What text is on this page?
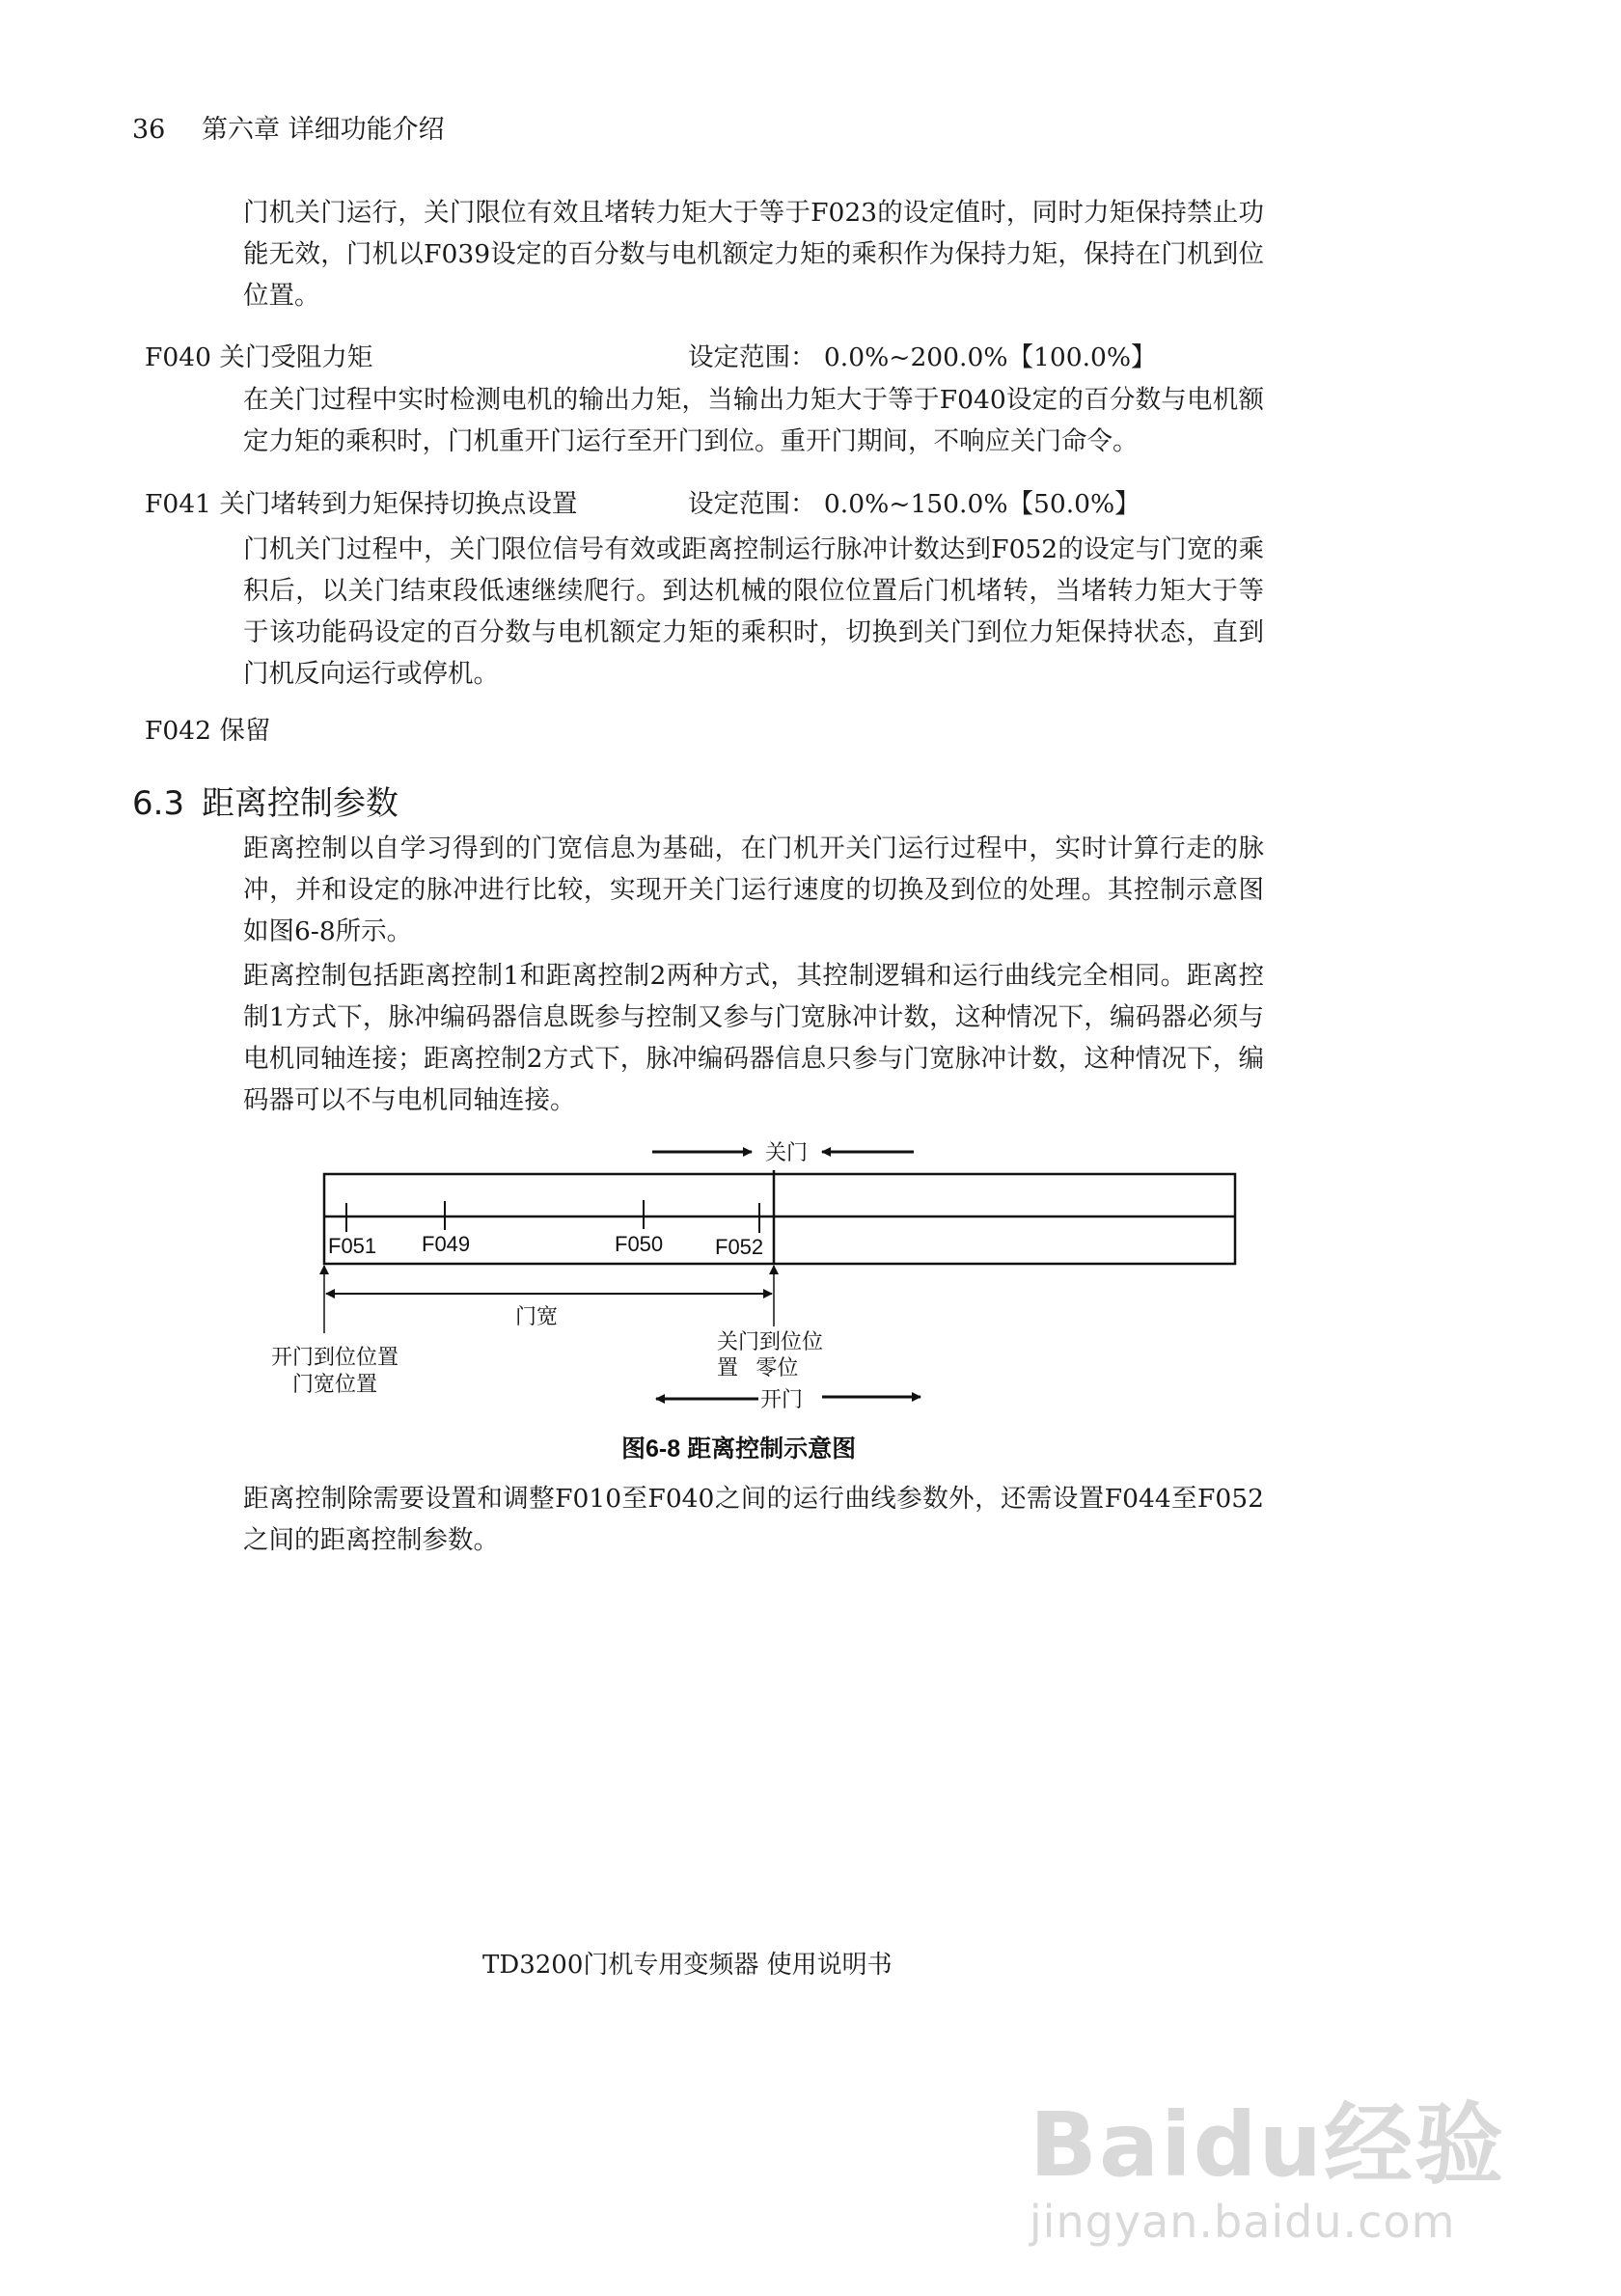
36 第六章 详细功能介绍

门机关门运行，关门限位有效且堵转力矩大于等于F023的设定值时，同时力矩保持禁止功能无效，门机以F039设定的百分数与电机额定力矩的乘积作为保持力矩，保持在门机到位位置。

F040 关门受阻力矩	设定范围： 0.0%~200.0%【100.0%】

在关门过程中实时检测电机的输出力矩，当输出力矩大于等于F040设定的百分数与电机额定力矩的乘积时，门机重开门运行至开门到位。重开门期间，不响应关门命令。

F041 关门堵转到力矩保持切换点设置	设定范围： 0.0%~150.0%【50.0%】

门机关门过程中，关门限位信号有效或距离控制运行脉冲计数达到F052的设定与门宽的乘积后，以关门结束段低速继续爬行。到达机械的限位位置后门机堵转，当堵转力矩大于等于该功能码设定的百分数与电机额定力矩的乘积时，切换到关门到位力矩保持状态，直到门机反向运行或停机。

F042 保留
6.3 距离控制参数

距离控制以自学习得到的门宽信息为基础，在门机开关门运行过程中，实时计算行走的脉冲，并和设定的脉冲进行比较，实现开关门运行速度的切换及到位的处理。其控制示意图如图6-8所示。

距离控制包括距离控制1和距离控制2两种方式，其控制逻辑和运行曲线完全相同。距离控制1方式下，脉冲编码器信息既参与控制又参与门宽脉冲计数，这种情况下，编码器必须与电机同轴连接；距离控制2方式下，脉冲编码器信息只参与门宽脉冲计数，这种情况下，编码器可以不与电机同轴连接。

关门
F051 F049	F050 F052
门宽
开门到位位置
门宽位置
关门到位位
置   零位
开门
图6-8 距离控制示意图

距离控制除需要设置和调整F010至F040之间的运行曲线参数外，还需设置F044至F052之间的距离控制参数。

TD3200门机专用变频器 使用说明书
Baidu经验
jingyan.baidu.com
